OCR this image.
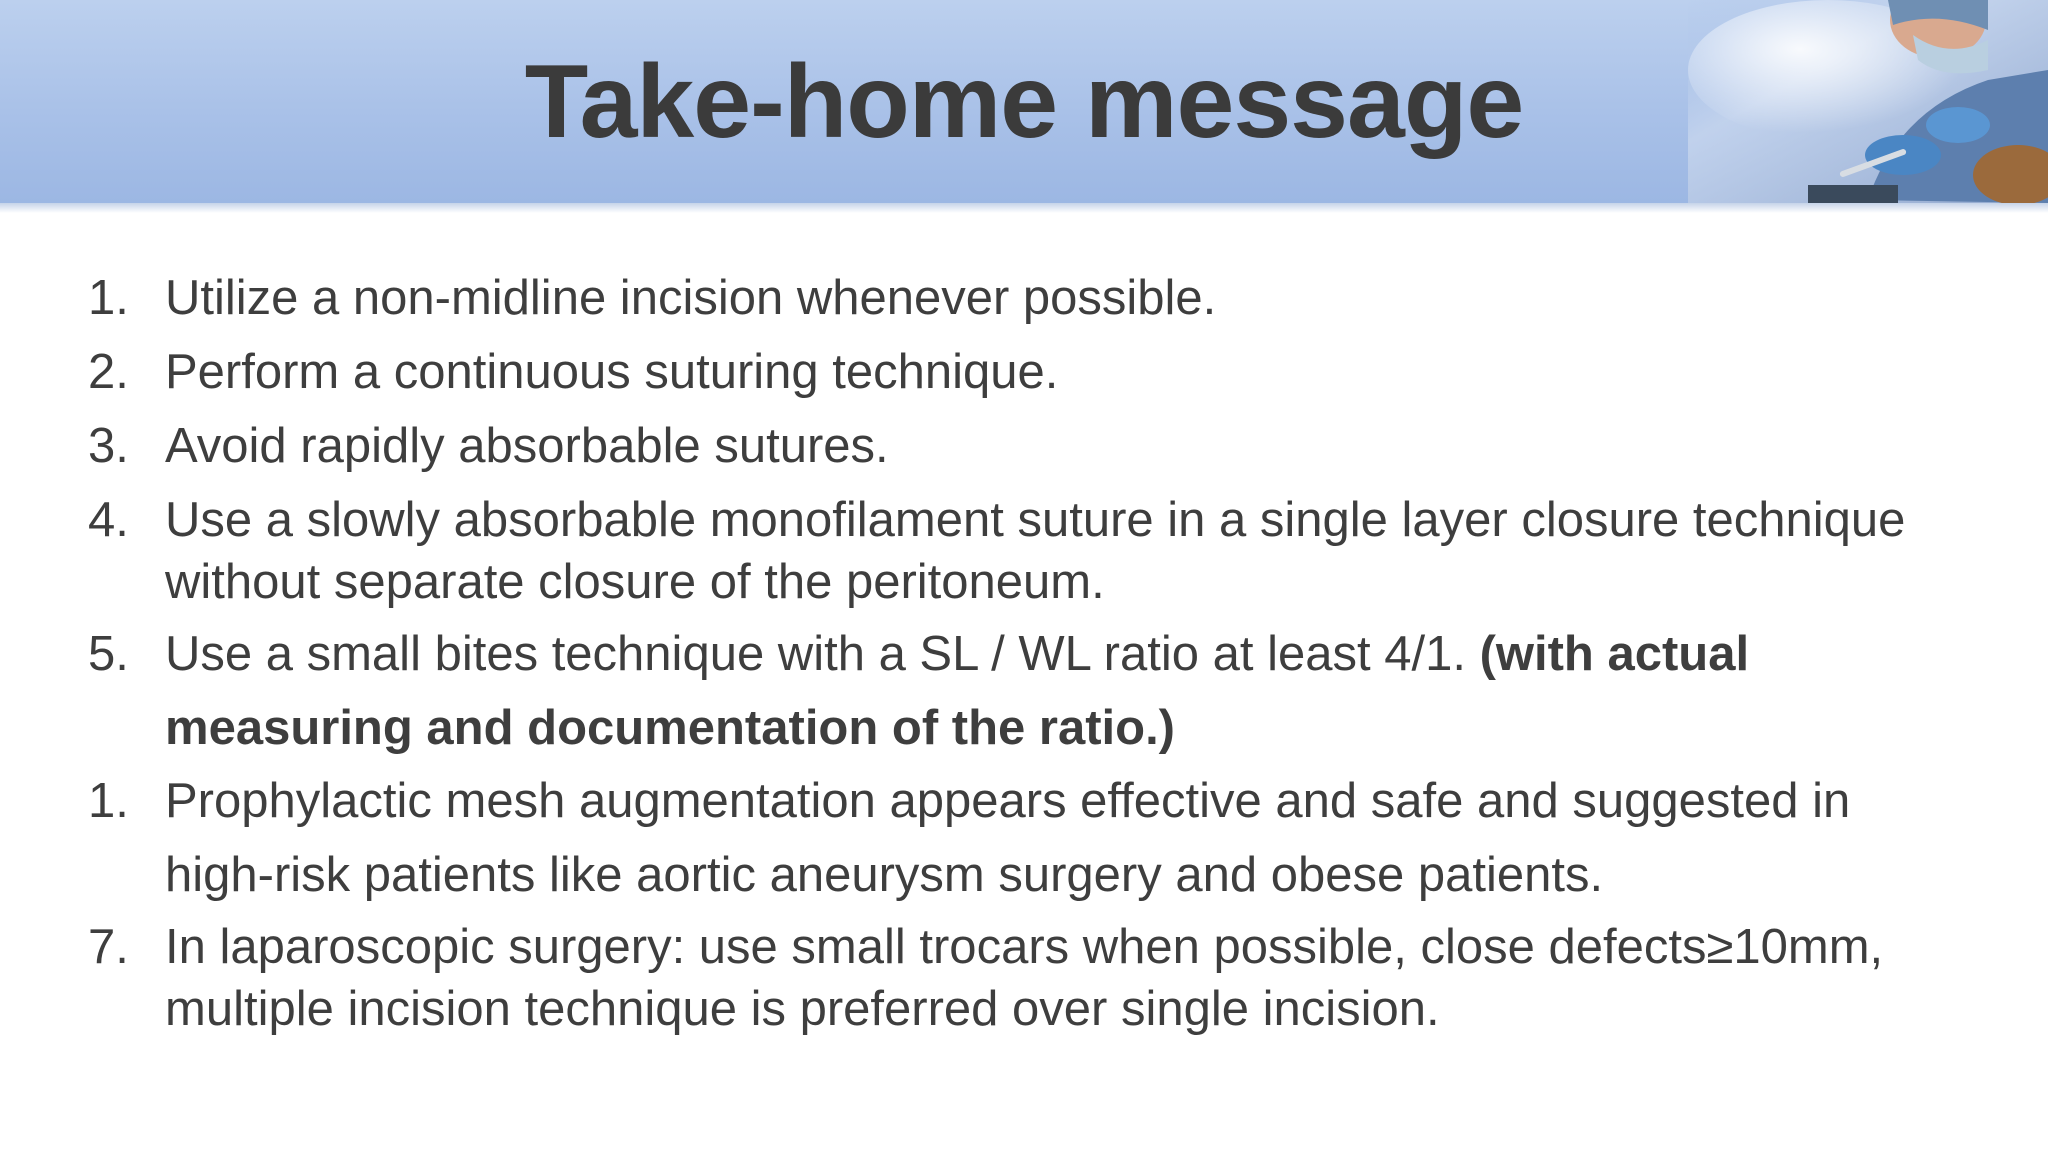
Take-home message
1. Utilize a non-midline incision whenever possible.
2. Perform a continuous suturing technique.
3. Avoid rapidly absorbable sutures.
4. Use a slowly absorbable monofilament suture in a single layer closure technique
without separate closure of the peritoneum.
5. Use a small bites technique with a SL / WL ratio at least 4/1. (with actual
measuring and documentation of the ratio.)
1. Prophylactic mesh augmentation appears effective and safe and suggested in
high-risk patients like aortic aneurysm surgery and obese patients.
7. In laparoscopic surgery: use small trocars when possible, close defects≥10mm,
multiple incision technique is preferred over single incision.
